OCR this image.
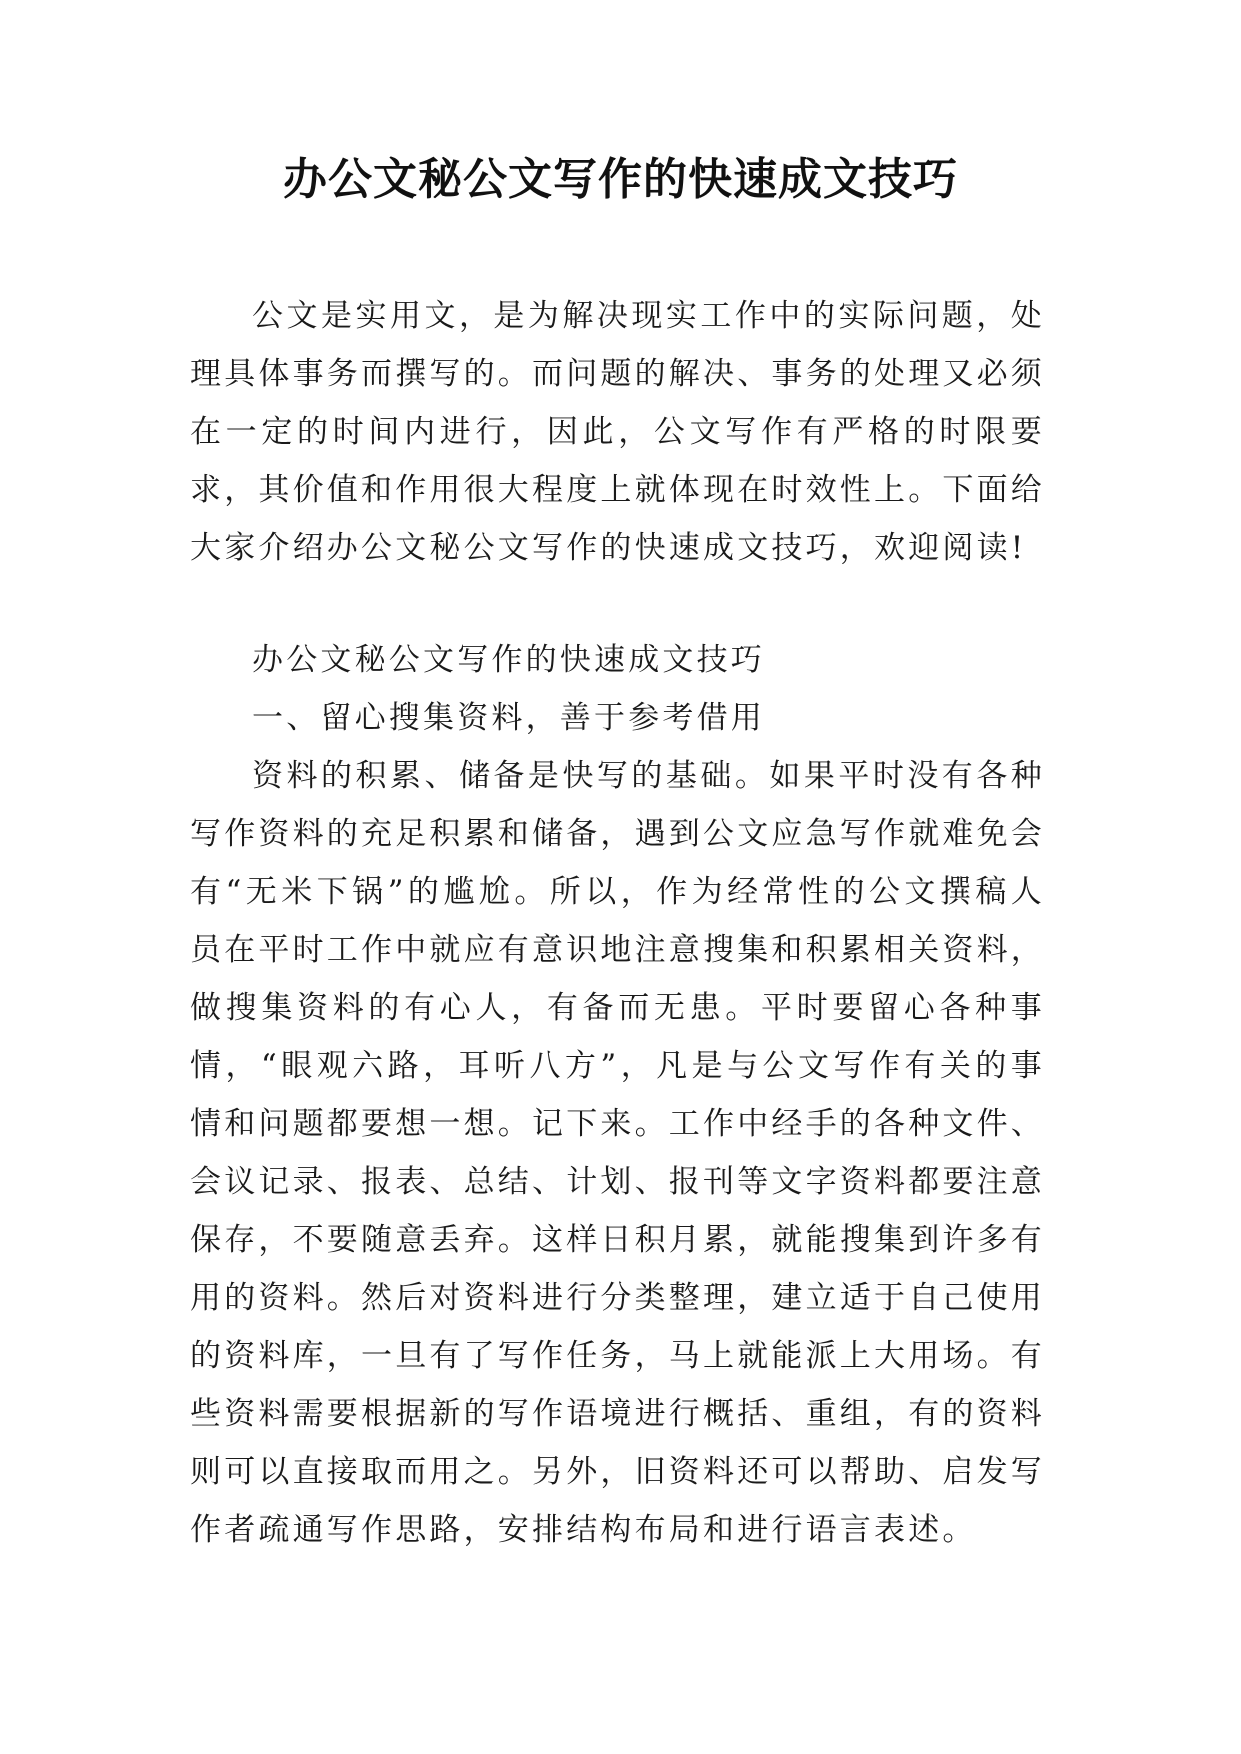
办公文秘公文写作的快速成文技巧

公文是实用文，是为解决现实工作中的实际问题，处理具体事务而撰写的。而问题的解决、事务的处理又必须在一定的时间内进行，因此，公文写作有严格的时限要求，其价值和作用很大程度上就体现在时效性上。下面给大家介绍办公文秘公文写作的快速成文技巧，欢迎阅读!

办公文秘公文写作的快速成文技巧

一、留心搜集资料，善于参考借用

资料的积累、储备是快写的基础。如果平时没有各种写作资料的充足积累和储备，遇到公文应急写作就难免会有“无米下锅”的尴尬。所以，作为经常性的公文撰稿人员在平时工作中就应有意识地注意搜集和积累相关资料，做搜集资料的有心人，有备而无患。平时要留心各种事情，“眼观六路，耳听八方”，凡是与公文写作有关的事情和问题都要想一想。记下来。工作中经手的各种文件、会议记录、报表、总结、计划、报刊等文字资料都要注意保存，不要随意丢弃。这样日积月累，就能搜集到许多有用的资料。然后对资料进行分类整理，建立适于自己使用的资料库，一旦有了写作任务，马上就能派上大用场。有些资料需要根据新的写作语境进行概括、重组，有的资料则可以直接取而用之。另外，旧资料还可以帮助、启发写作者疏通写作思路，安排结构布局和进行语言表述。
